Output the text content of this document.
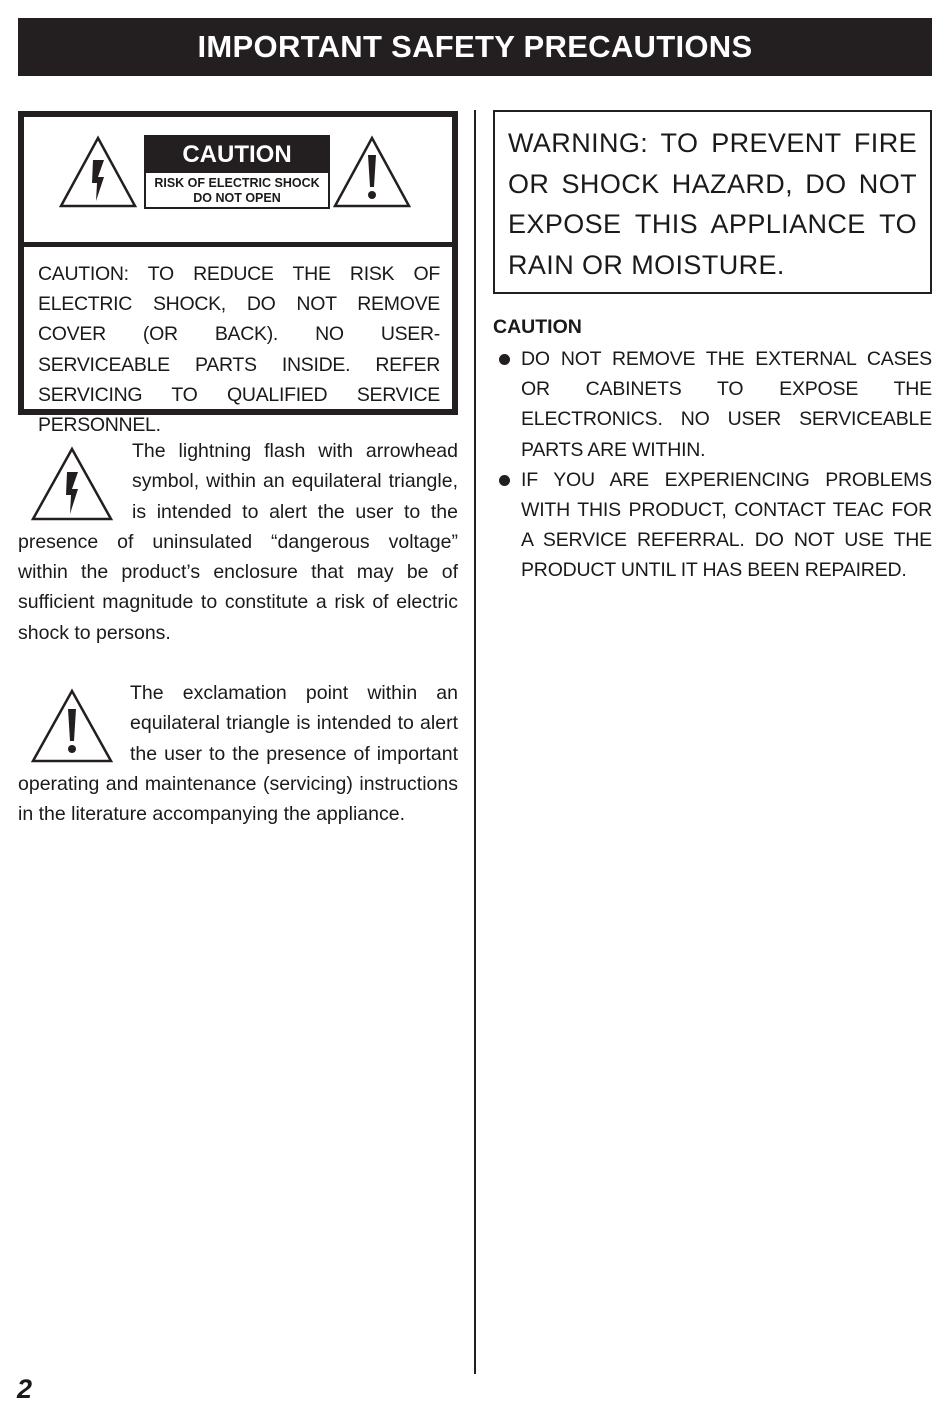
IMPORTANT SAFETY PRECAUTIONS
CAUTION
RISK OF ELECTRIC SHOCK
DO NOT OPEN
CAUTION: TO REDUCE THE RISK OF ELECTRIC SHOCK, DO NOT REMOVE COVER (OR BACK). NO USER-SERVICEABLE PARTS INSIDE. REFER SERVICING TO QUALIFIED SERVICE PERSONNEL.
The lightning flash with arrowhead symbol, within an equilateral triangle, is intended to alert the user to the presence of uninsulated “dangerous voltage” within the product’s enclosure that may be of sufficient magnitude to constitute a risk of electric shock to persons.
The exclamation point within an equilateral triangle is intended to alert the user to the presence of important operating and maintenance (servicing) instructions in the literature accompanying the appliance.
WARNING: TO PREVENT FIRE OR SHOCK HAZARD, DO NOT EXPOSE THIS APPLIANCE TO RAIN OR MOISTURE.
CAUTION
DO NOT REMOVE THE EXTERNAL CASES OR CABINETS TO EXPOSE THE ELECTRONICS. NO USER SERVICEABLE PARTS ARE WITHIN.
IF YOU ARE EXPERIENCING PROBLEMS WITH THIS PRODUCT, CONTACT TEAC FOR A SERVICE REFERRAL. DO NOT USE THE PRODUCT UNTIL IT HAS BEEN REPAIRED.
2
